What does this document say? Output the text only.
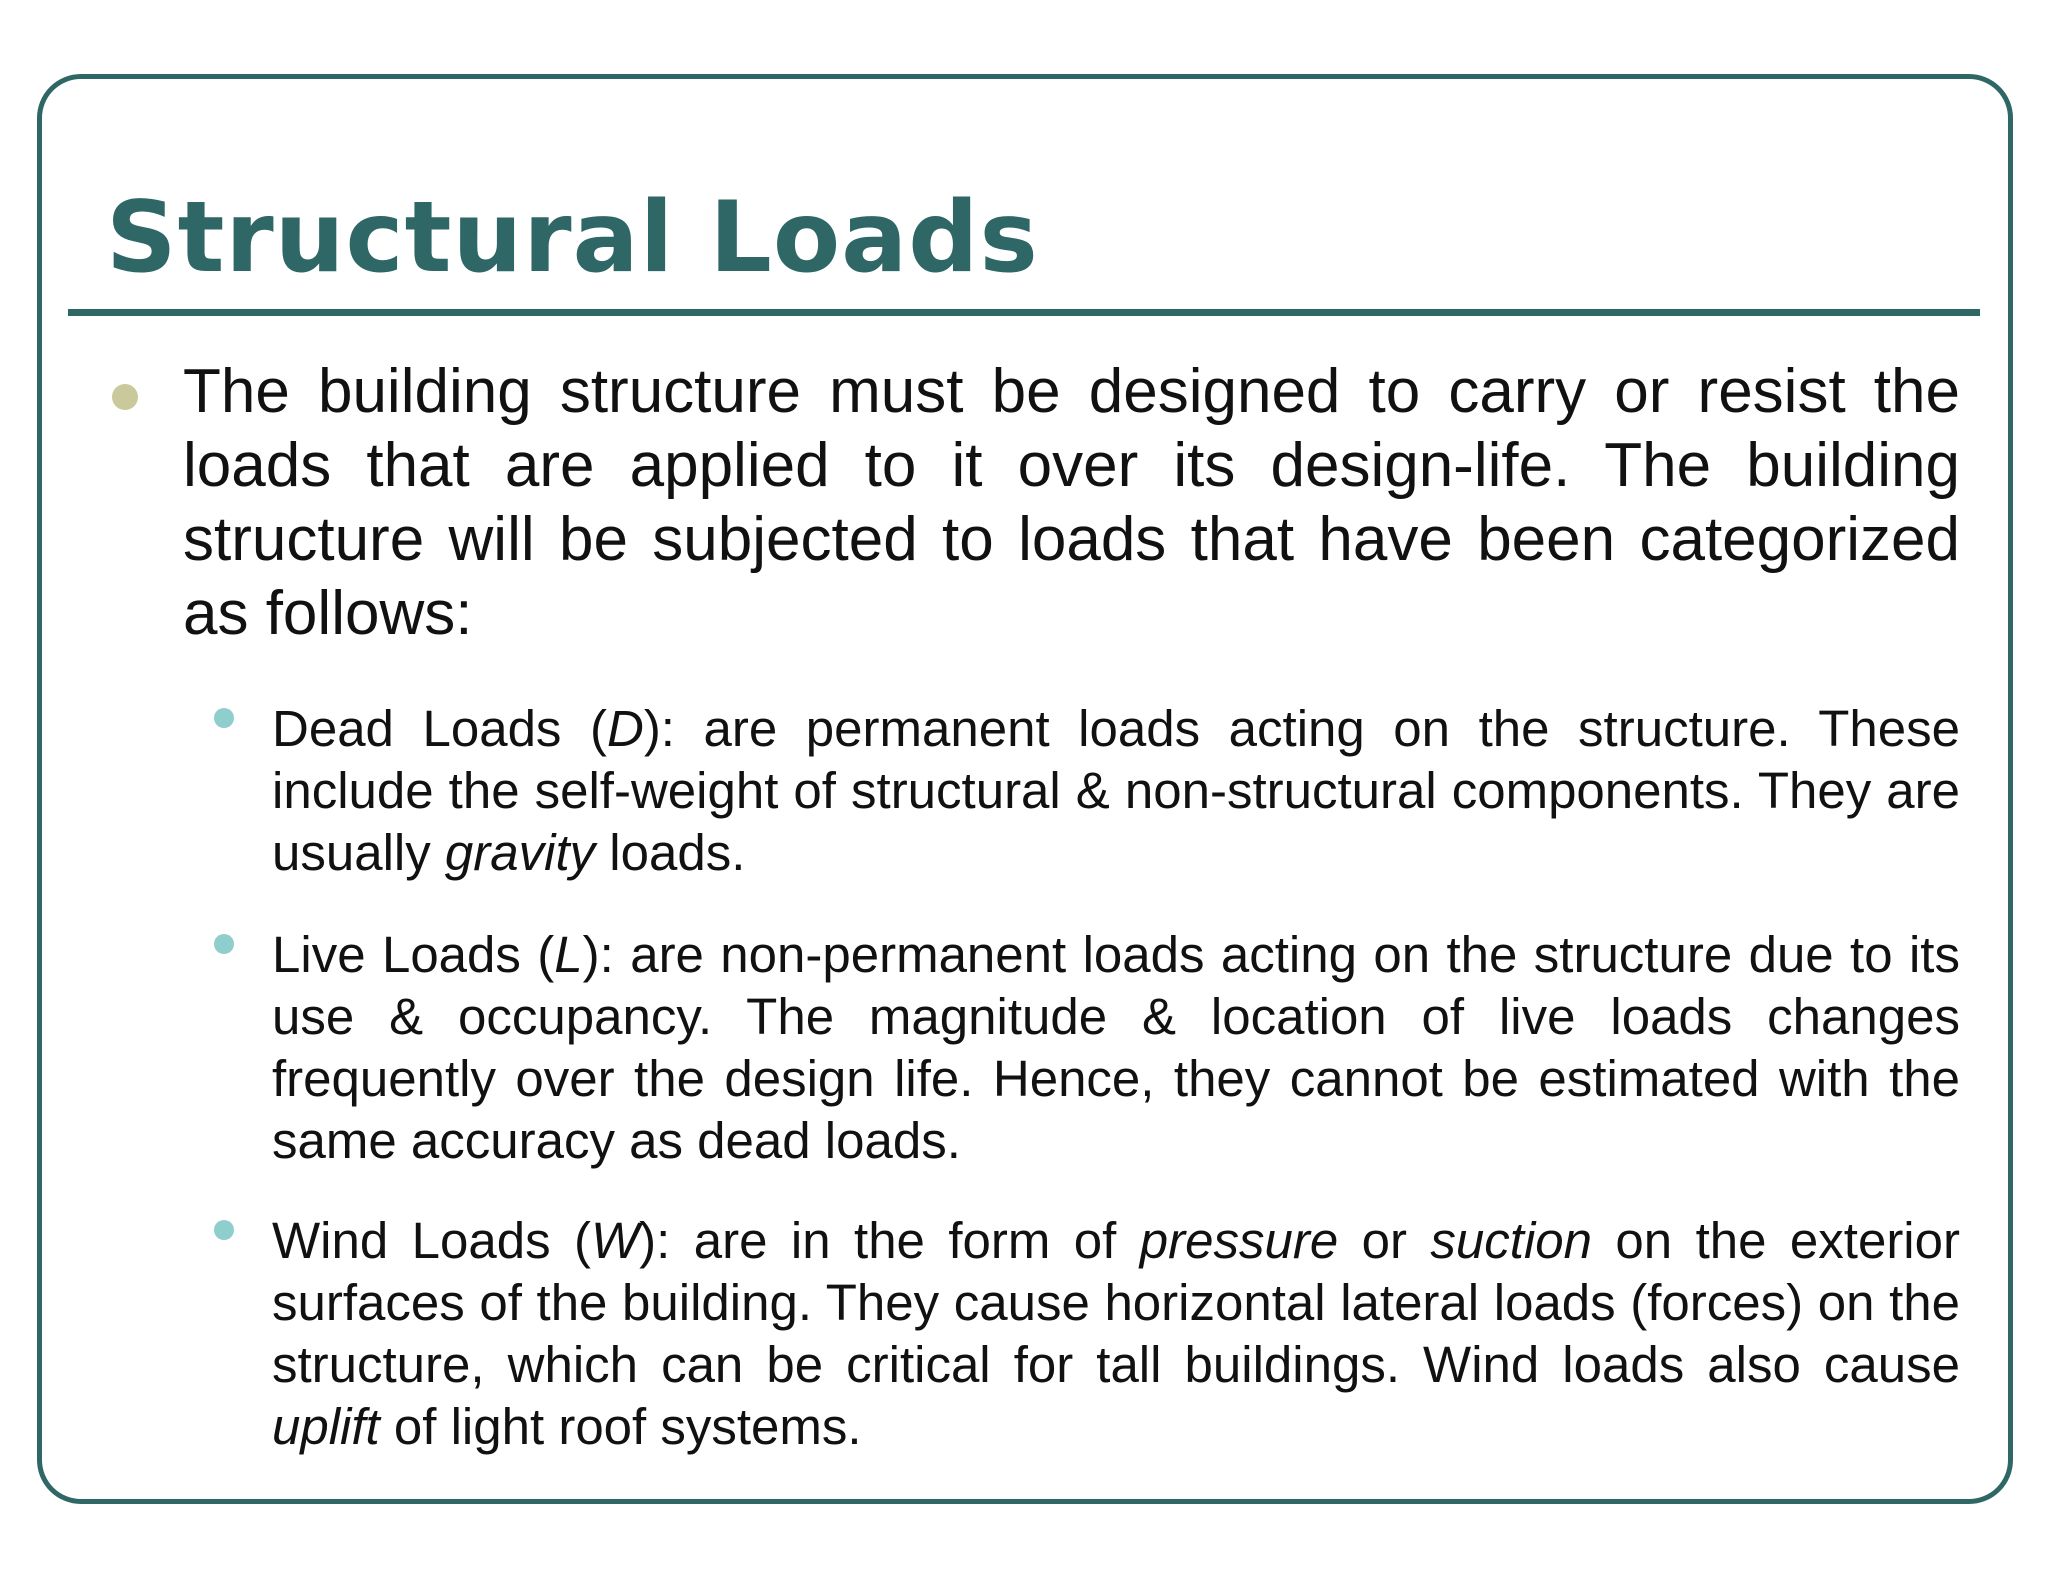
Structural Loads

The building structure must be designed to carry or resist the loads that are applied to it over its design-life. The building structure will be subjected to loads that have been categorized as follows:

Dead Loads (D): are permanent loads acting on the structure. These include the self-weight of structural & non-structural components. They are usually gravity loads.

Live Loads (L): are non-permanent loads acting on the structure due to its use & occupancy. The magnitude & location of live loads changes frequently over the design life. Hence, they cannot be estimated with the same accuracy as dead loads.

Wind Loads (W): are in the form of pressure or suction on the exterior surfaces of the building. They cause horizontal lateral loads (forces) on the structure, which can be critical for tall buildings. Wind loads also cause uplift of light roof systems.
